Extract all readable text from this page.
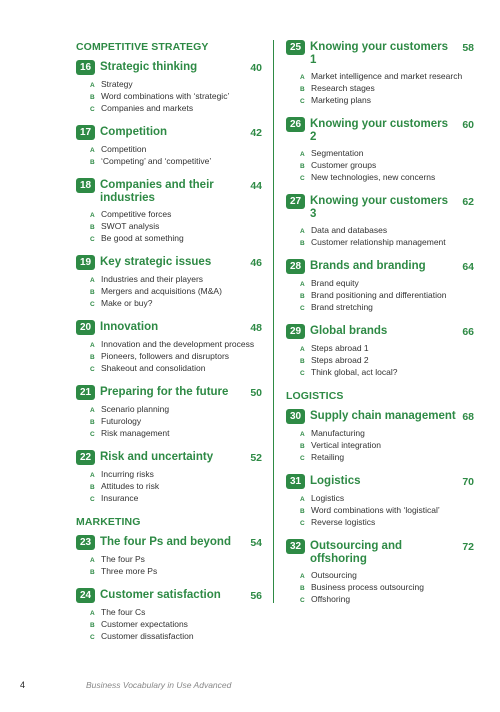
COMPETITIVE STRATEGY
16 Strategic thinking	40
A Strategy
B Word combinations with ‘strategic’
C Companies and markets
17 Competition	42
A Competition
B ‘Competing’ and ‘competitive’
18 Companies and their industries
44
A Competitive forces
B SWOT analysis
C Be good at something
19 Key strategic issues	46
A Industries and their players
B Mergers and acquisitions (M&A)
C Make or buy?
20 Innovation	48
A Innovation and the development process
B Pioneers, followers and disruptors
C Shakeout and consolidation
21 Preparing for the future	50
A Scenario planning
B Futurology
C Risk management
22 Risk and uncertainty	52
A Incurring risks
B Attitudes to risk
C Insurance
MARKETING
23 The four Ps and beyond	54
A The four Ps
B Three more Ps
24 Customer satisfaction	56
A The four Cs
B Customer expectations
C Customer dissatisfaction
25 Knowing your customers 1
58
A Market intelligence and market research
B Research stages
C Marketing plans
26 Knowing your customers 2
60
A Segmentation
B Customer groups
C New technologies, new concerns
27 Knowing your customers 3
62
A Data and databases
B Customer relationship management
28 Brands and branding	64
A Brand equity
B Brand positioning and differentiation
C Brand stretching
29 Global brands	66
A Steps abroad 1
B Steps abroad 2
C Think global, act local?
LOGISTICS
30 Supply chain management 68
A Manufacturing
B Vertical integration
C Retailing
31 Logistics	70
A Logistics
B Word combinations with ‘logistical’
C Reverse logistics
32 Outsourcing and offshoring
72
A Outsourcing
B Business process outsourcing
C Offshoring
4	Business Vocabulary in Use Advanced
